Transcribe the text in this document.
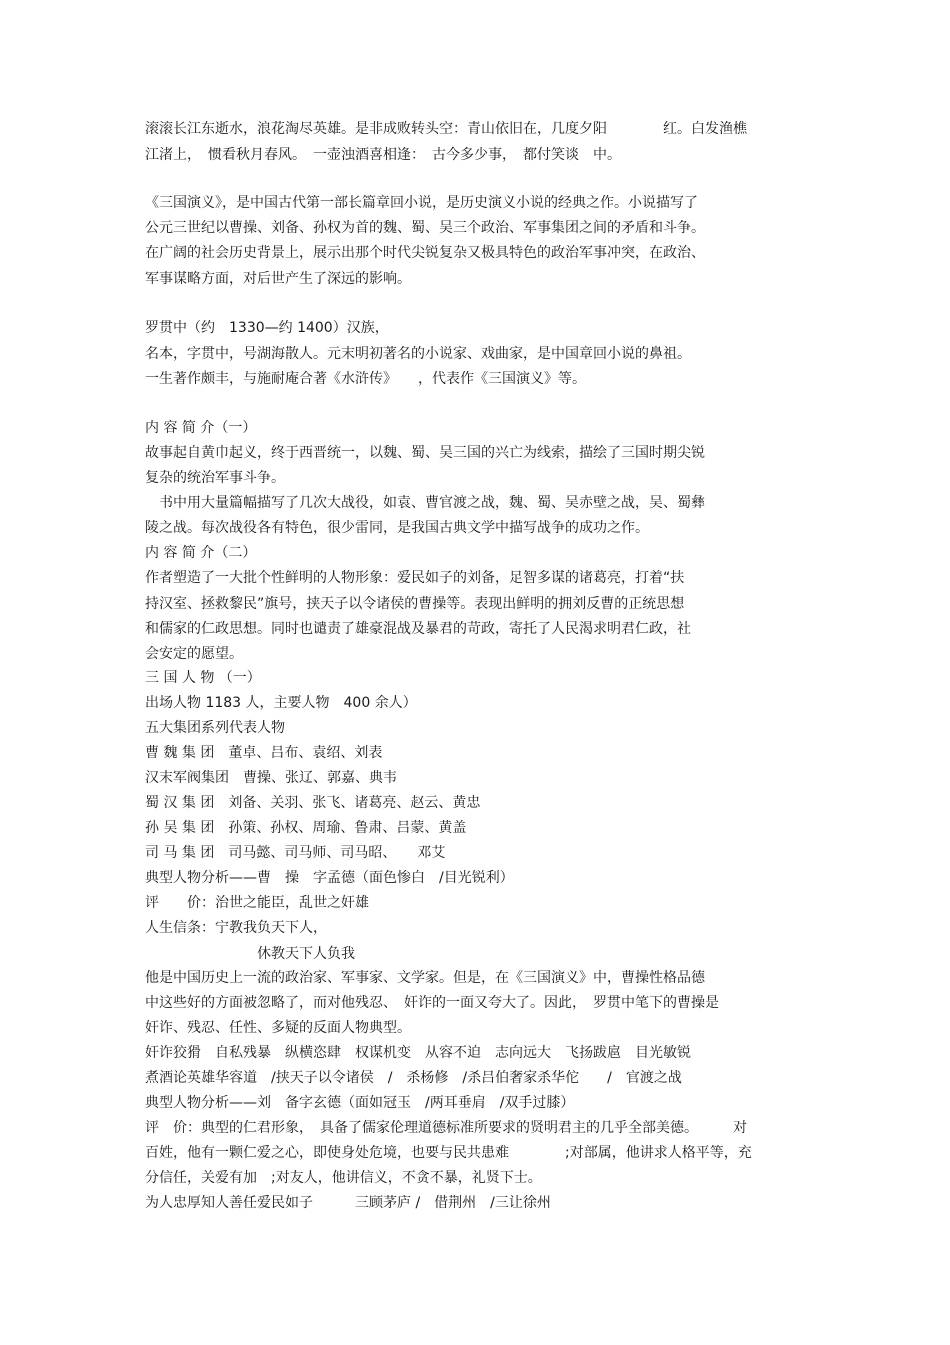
滚滚长江东逝水，浪花淘尽英雄。是非成败转头空：青山依旧在，几度夕阳　　　　红。白发渔樵

江渚上，　惯看秋月春风。　一壶浊酒喜相逢：　古今多少事，　都付笑谈　中。

《三国演义》，是中国古代第一部长篇章回小说，是历史演义小说的经典之作。小说描写了

公元三世纪以曹操、刘备、孙权为首的魏、蜀、吴三个政治、军事集团之间的矛盾和斗争。

在广阔的社会历史背景上，展示出那个时代尖锐复杂又极具特色的政治军事冲突，在政治、

军事谋略方面，对后世产生了深远的影响。

罗贯中（约　1330—约 1400）汉族，

名本，字贯中，号湖海散人。元末明初著名的小说家、戏曲家，是中国章回小说的鼻祖。

一生著作颇丰，与施耐庵合著《水浒传》　　，代表作《三国演义》等。

内 容 简 介（一）

故事起自黄巾起义，终于西晋统一，以魏、蜀、吴三国的兴亡为线索，描绘了三国时期尖锐

复杂的统治军事斗争。

　书中用大量篇幅描写了几次大战役，如袁、曹官渡之战，魏、蜀、吴赤壁之战，吴、蜀彝

陵之战。每次战役各有特色，很少雷同，是我国古典文学中描写战争的成功之作。

内 容 简 介（二）

作者塑造了一大批个性鲜明的人物形象：爱民如子的刘备，足智多谋的诸葛亮，打着“扶

持汉室、拯救黎民”旗号，挟天子以令诸侯的曹操等。表现出鲜明的拥刘反曹的正统思想

和儒家的仁政思想。同时也谴责了雄豪混战及暴君的苛政，寄托了人民渴求明君仁政，社

会安定的愿望。

三 国 人 物 （一）

出场人物 1183 人，主要人物　400 余人）

五大集团系列代表人物

曹 魏 集 团　董卓、吕布、袁绍、刘表

汉末军阀集团　曹操、张辽、郭嘉、典韦

蜀 汉 集 团　刘备、关羽、张飞、诸葛亮、赵云、黄忠

孙 吴 集 团　孙策、孙权、周瑜、鲁肃、吕蒙、黄盖

司 马 集 团　司马懿、司马师、司马昭、　　邓艾

典型人物分析——曹　操　字孟德（面色惨白　/目光锐利）

评　　价：治世之能臣，乱世之奸雄

人生信条：宁教我负天下人，

　　　　　　　　休教天下人负我

他是中国历史上一流的政治家、军事家、文学家。但是，在《三国演义》中，曹操性格品德

中这些好的方面被忽略了，而对他残忍、　奸诈的一面又夸大了。因此，　罗贯中笔下的曹操是

奸诈、残忍、任性、多疑的反面人物典型。

奸诈狡猾　自私残暴　纵横恣肆　权谋机变　从容不迫　志向远大　飞扬跋扈　目光敏锐

煮酒论英雄华容道　/挟天子以令诸侯　/　杀杨修　/杀吕伯奢家杀华佗　　/　官渡之战

典型人物分析——刘　备字玄德（面如冠玉　/两耳垂肩　/双手过膝）

评　价：典型的仁君形象，　具备了儒家伦理道德标准所要求的贤明君主的几乎全部美德。　　　对

百姓，他有一颗仁爱之心，即使身处危境，也要与民共患难　　　　;对部属，他讲求人格平等，充

分信任，关爱有加　;对友人，他讲信义，不贪不暴，礼贤下士。

为人忠厚知人善任爱民如子　　　三顾茅庐 /　借荆州　/三让徐州
